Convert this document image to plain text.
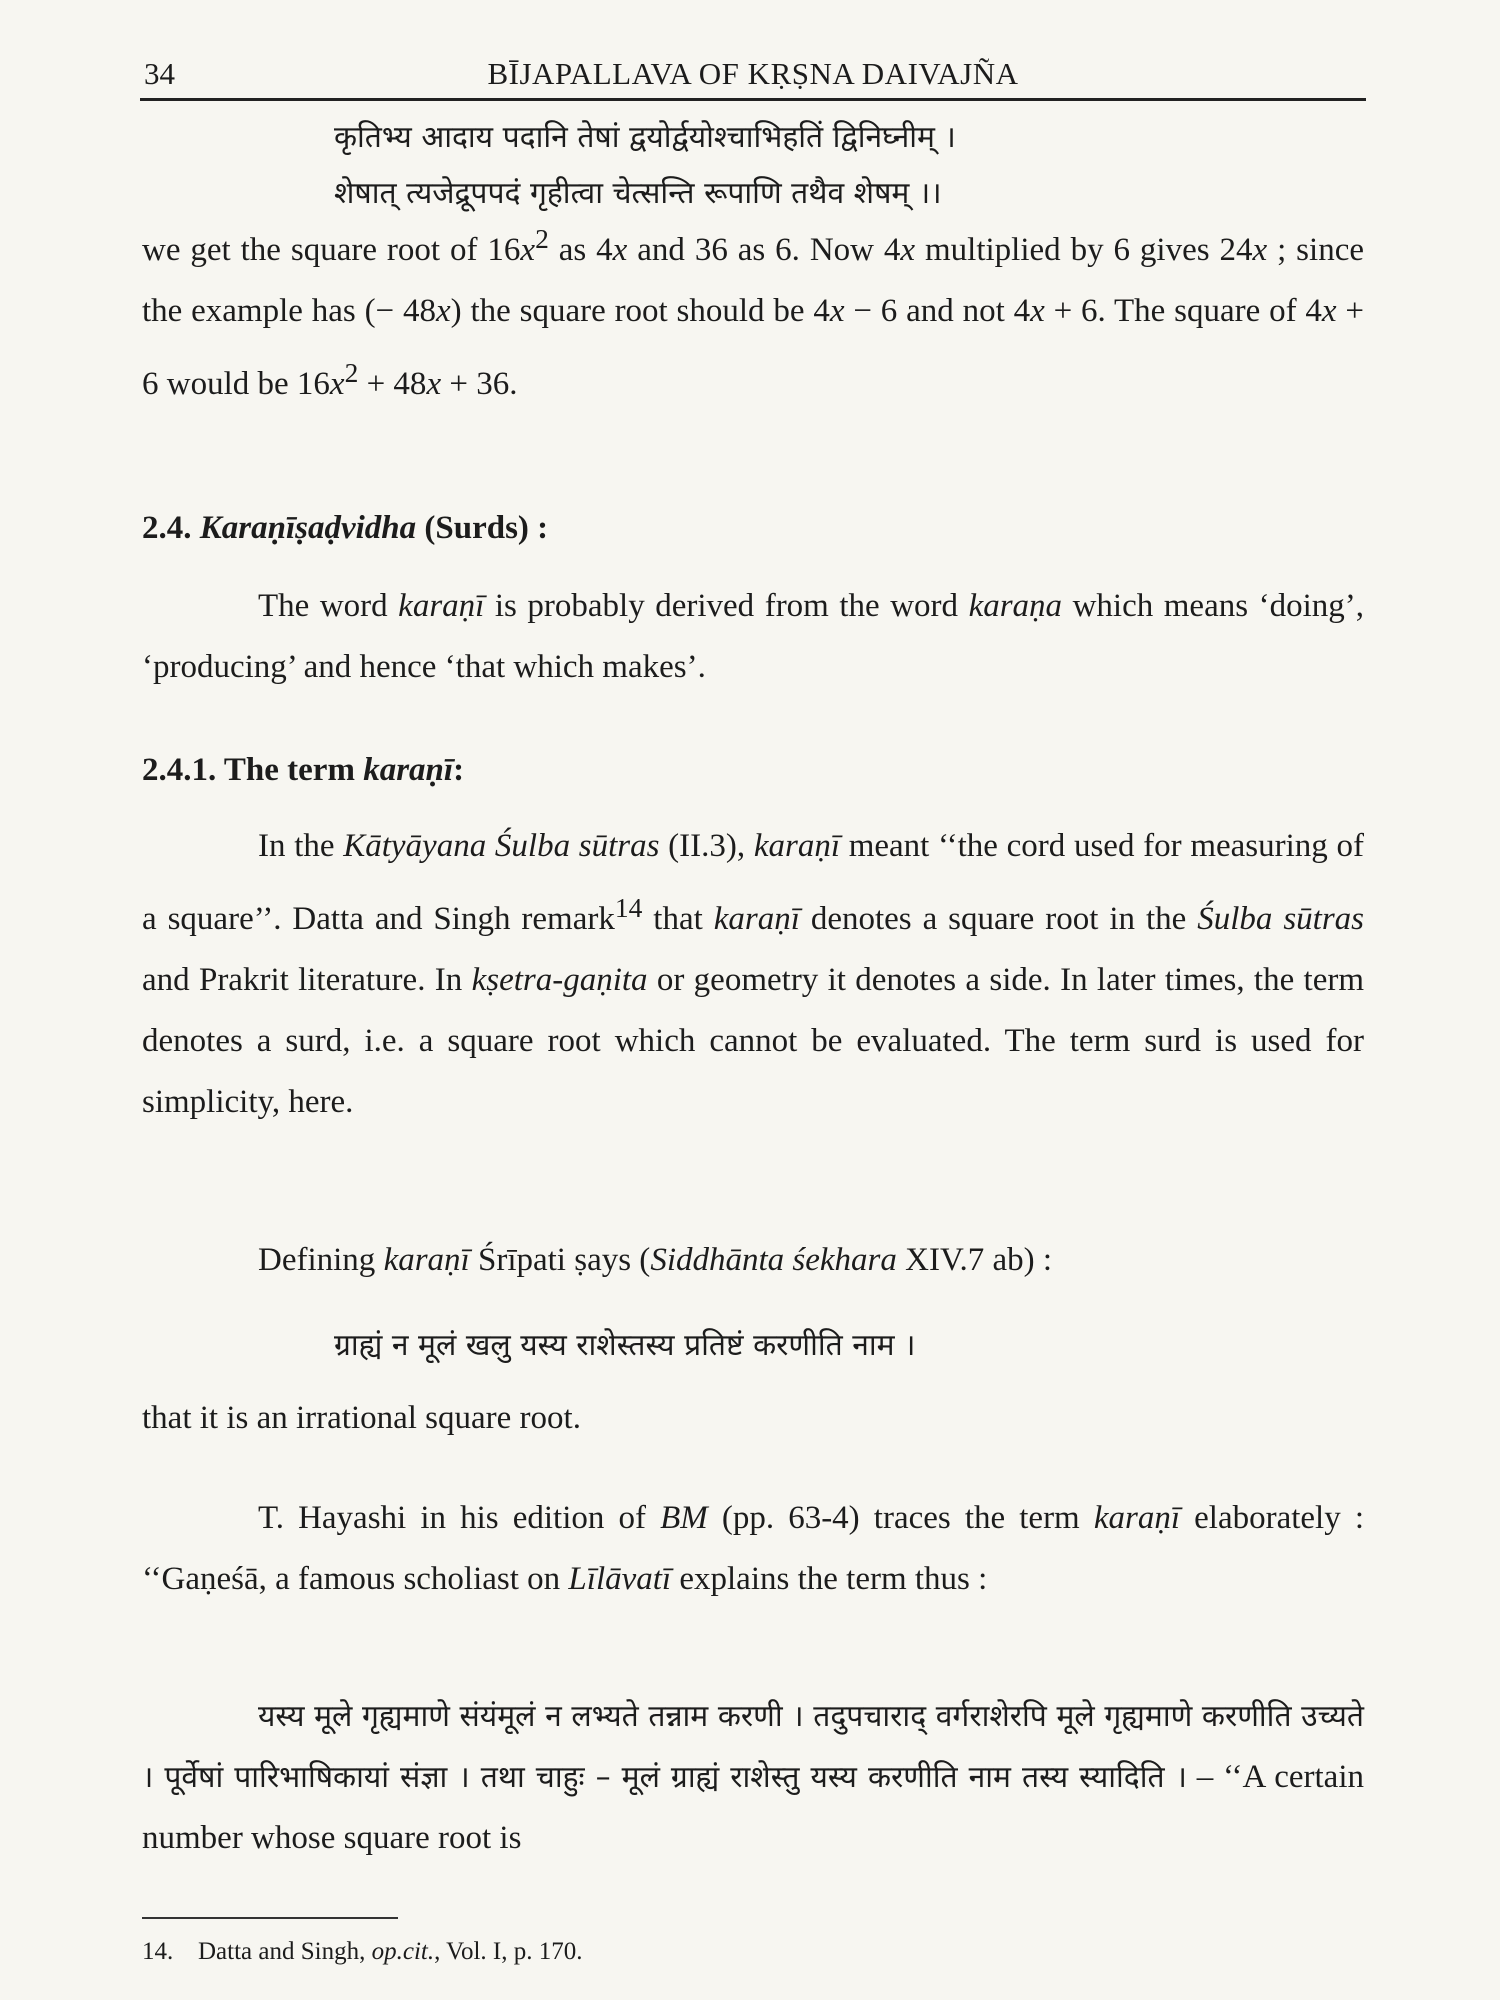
34	BĪJAPALLAVA OF KṚṢNA DAIVAJÑA
कृतिभ्य आदाय पदानि तेषां द्वयोर्द्वयोश्चाभिहतिं द्विनिघ्नीम् ।
शेषात् त्यजेद्रूपपदं गृहीत्वा चेत्सन्ति रूपाणि तथैव शेषम् ।।

we get the square root of $16x^2$ as 4x and 36 as 6. Now 4x multiplied by 6 gives 24x ; since the example has (− 48x) the square root should be 4x − 6 and not 4x + 6. The square of 4x + 6 would be $16x^2 + 48x + 36$.

2.4. Karaṇīṣaḍvidha (Surds) :

The word karaṇī is probably derived from the word karaṇa which means ‘doing’, ‘producing’ and hence ‘that which makes’.

2.4.1. The term karaṇī:

In the Kātyāyana Śulba sūtras (II.3), karaṇī meant ‘‘the cord used for measuring of a square’’. Datta and Singh remark$^{14}$ that karaṇī denotes a square root in the Śulba sūtras and Prakrit literature. In kṣetra-gaṇita or geometry it denotes a side. In later times, the term denotes a surd, i.e. a square root which cannot be evaluated. The term surd is used for simplicity, here.

Defining karaṇī Śrīpati ṣays (Siddhānta śekhara XIV.7 ab) :

ग्राह्यं न मूलं खलु यस्य राशेस्तस्य प्रतिष्टं करणीति नाम ।

that it is an irrational square root.

T. Hayashi in his edition of BM (pp. 63-4) traces the term karaṇī elaborately : ‘‘Gaṇeśā, a famous scholiast on Līlāvatī explains the term thus :

यस्य मूले गृह्यमाणे संयंमूलं न लभ्यते तन्नाम करणी । तदुपचाराद् वर्गराशेरपि मूले गृह्यमाणे करणीति उच्यते । पूर्वेषां पारिभाषिकायां संज्ञा । तथा चाहुः – मूलं ग्राह्यं राशेस्तु यस्य करणीति नाम तस्य स्यादिति । – ‘‘A certain number whose square root is

14. Datta and Singh, op.cit., Vol. I, p. 170.
